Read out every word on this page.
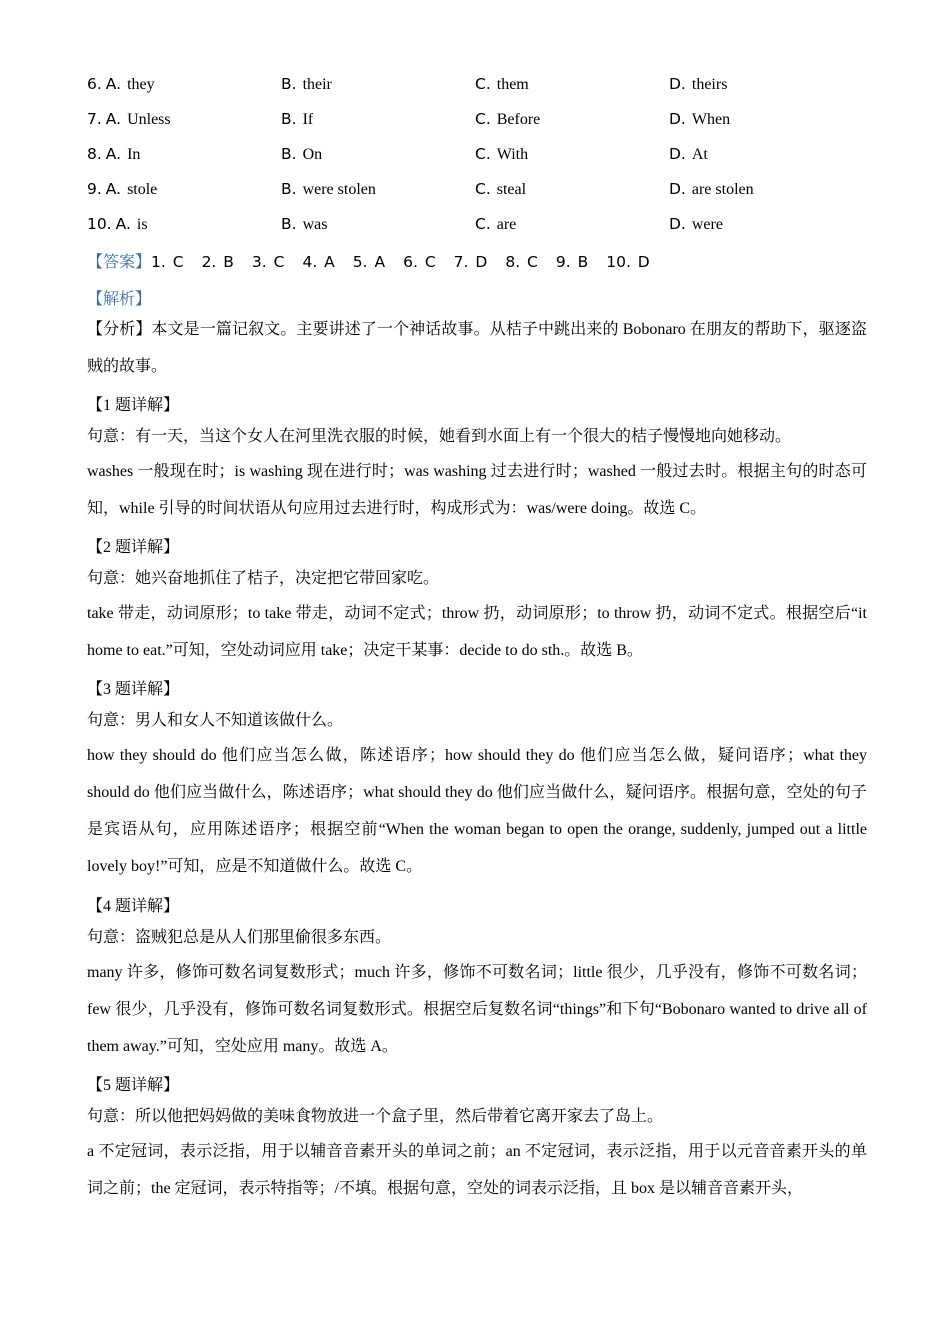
6. A. they	B. their	C. them	D. theirs
7. A. Unless	B. If	C. Before	D. When
8. A. In	B. On	C. With	D. At
9. A. stole	B. were stolen	C. steal	D. are stolen
10. A. is	B. was	C. are	D. were
【答案】1. C 2. B 3. C 4. A 5. A 6. C 7. D 8. C 9. B 10. D
【解析】
【分析】本文是一篇记叙文。主要讲述了一个神话故事。从桔子中跳出来的 Bobonaro 在朋友的帮助下，驱逐盗贼的故事。
【1 题详解】
句意：有一天，当这个女人在河里洗衣服的时候，她看到水面上有一个很大的桔子慢慢地向她移动。
washes 一般现在时；is washing 现在进行时；was washing 过去进行时；washed 一般过去时。根据主句的时态可知，while 引导的时间状语从句应用过去进行时，构成形式为：was/were doing。故选 C。
【2 题详解】
句意：她兴奋地抓住了桔子，决定把它带回家吃。
take 带走，动词原形；to take 带走，动词不定式；throw 扔，动词原形；to throw 扔，动词不定式。根据空后“it home to eat.”可知，空处动词应用 take；决定干某事：decide to do sth.。故选 B。
【3 题详解】
句意：男人和女人不知道该做什么。
how they should do 他们应当怎么做，陈述语序；how should they do 他们应当怎么做，疑问语序；what they should do 他们应当做什么，陈述语序；what should they do 他们应当做什么，疑问语序。根据句意，空处的句子是宾语从句，应用陈述语序；根据空前“When the woman began to open the orange, suddenly, jumped out a little lovely boy!”可知，应是不知道做什么。故选 C。
【4 题详解】
句意：盗贼犯总是从人们那里偷很多东西。
many 许多，修饰可数名词复数形式；much 许多，修饰不可数名词；little 很少，几乎没有，修饰不可数名词；few 很少，几乎没有，修饰可数名词复数形式。根据空后复数名词“things”和下句“Bobonaro wanted to drive all of them away.”可知，空处应用 many。故选 A。
【5 题详解】
句意：所以他把妈妈做的美味食物放进一个盒子里，然后带着它离开家去了岛上。
a 不定冠词，表示泛指，用于以辅音音素开头的单词之前；an 不定冠词，表示泛指，用于以元音音素开头的单词之前；the 定冠词，表示特指等；/不填。根据句意，空处的词表示泛指，且 box 是以辅音音素开头，
